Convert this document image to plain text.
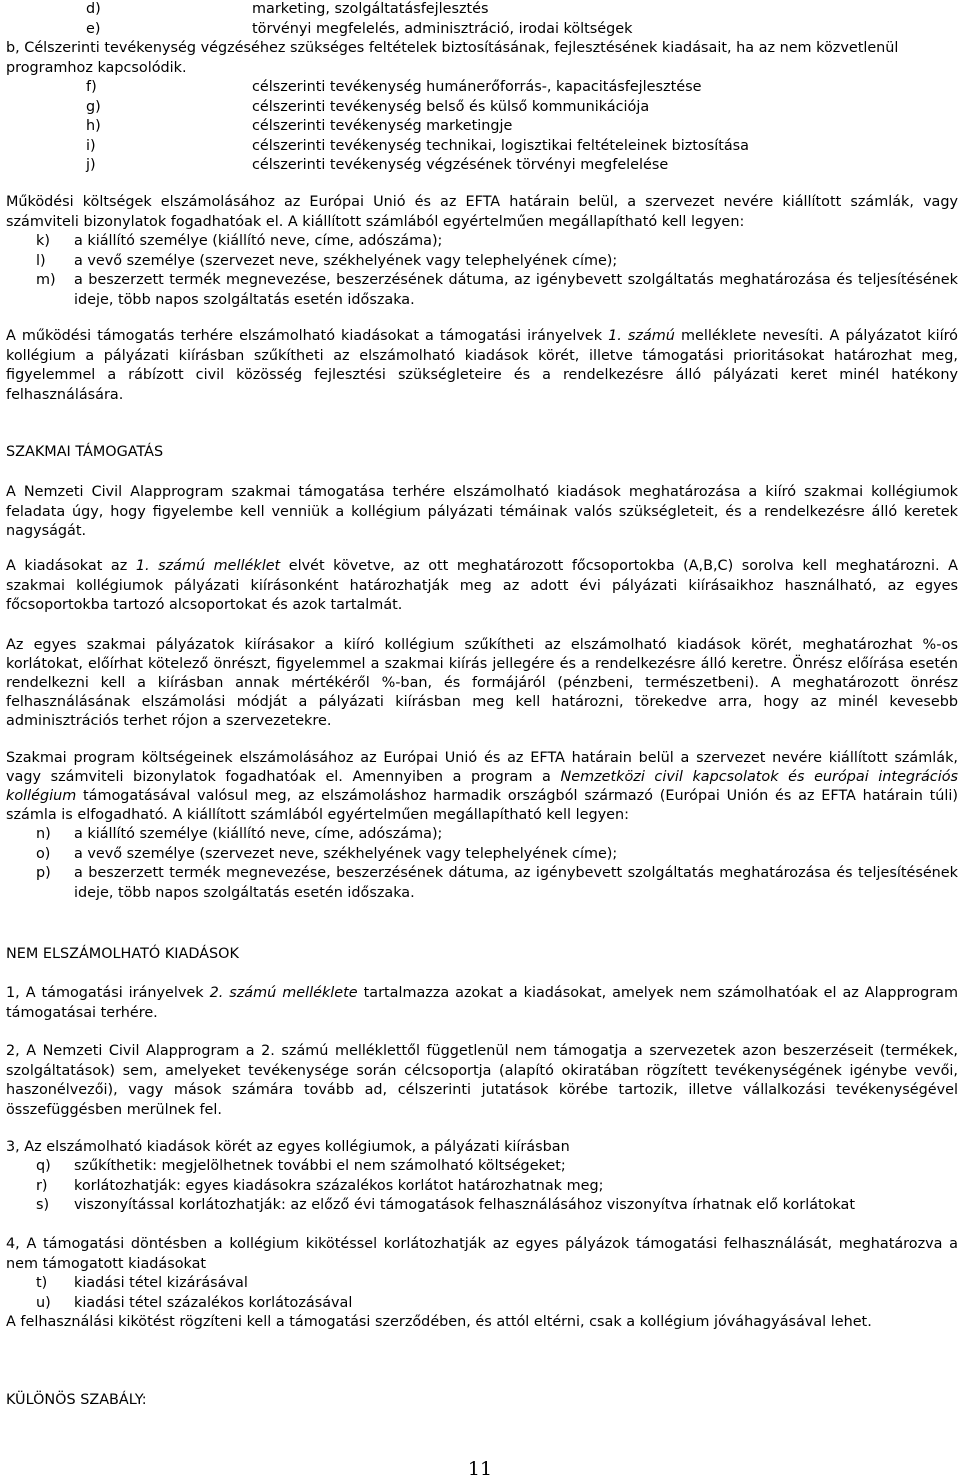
d)	marketing, szolgáltatásfejlesztés
e)	törvényi megfelelés, adminisztráció, irodai költségek

b, Célszerinti tevékenység végzéséhez szükséges feltételek biztosításának, fejlesztésének kiadásait, ha az nem közvetlenül programhoz kapcsolódik.

f)	célszerinti tevékenység humánerőforrás-, kapacitásfejlesztése
g)	célszerinti tevékenység belső és külső kommunikációja
h)	célszerinti tevékenység marketingje
i)	célszerinti tevékenység technikai, logisztikai feltételeinek biztosítása
j)	célszerinti tevékenység végzésének törvényi megfelelése

Működési költségek elszámolásához az Európai Unió és az EFTA határain belül, a szervezet nevére kiállított számlák, vagy számviteli bizonylatok fogadhatóak el. A kiállított számlából egyértelműen megállapítható kell legyen:

k) a kiállító személye (kiállító neve, címe, adószáma);
l) a vevő személye (szervezet neve, székhelyének vagy telephelyének címe);
m) a beszerzett termék megnevezése, beszerzésének dátuma, az igénybevett szolgáltatás meghatározása és teljesítésének ideje, több napos szolgáltatás esetén időszaka.

A működési támogatás terhére elszámolható kiadásokat a támogatási irányelvek 1. számú melléklete nevesíti. A pályázatot kiíró kollégium a pályázati kiírásban szűkítheti az elszámolható kiadások körét, illetve támogatási prioritásokat határozhat meg, figyelemmel a rábízott civil közösség fejlesztési szükségleteire és a rendelkezésre álló pályázati keret minél hatékony felhasználására.

SZAKMAI TÁMOGATÁS

A Nemzeti Civil Alapprogram szakmai támogatása terhére elszámolható kiadások meghatározása a kiíró szakmai kollégiumok feladata úgy, hogy figyelembe kell venniük a kollégium pályázati témáinak valós szükségleteit, és a rendelkezésre álló keretek nagyságát.

A kiadásokat az 1. számú melléklet elvét követve, az ott meghatározott főcsoportokba (A,B,C) sorolva kell meghatározni. A szakmai kollégiumok pályázati kiírásonként határozhatják meg az adott évi pályázati kiírásaikhoz használható, az egyes főcsoportokba tartozó alcsoportokat és azok tartalmát.

Az egyes szakmai pályázatok kiírásakor a kiíró kollégium szűkítheti az elszámolható kiadások körét, meghatározhat %-os korlátokat, előírhat kötelező önrészt, figyelemmel a szakmai kiírás jellegére és a rendelkezésre álló keretre. Önrész előírása esetén rendelkezni kell a kiírásban annak mértékéről %-ban, és formájáról (pénzbeni, természetbeni). A meghatározott önrész felhasználásának elszámolási módját a pályázati kiírásban meg kell határozni, törekedve arra, hogy az minél kevesebb adminisztrációs terhet rójon a szervezetekre.

Szakmai program költségeinek elszámolásához az Európai Unió és az EFTA határain belül a szervezet nevére kiállított számlák, vagy számviteli bizonylatok fogadhatóak el. Amennyiben a program a Nemzetközi civil kapcsolatok és európai integrációs kollégium támogatásával valósul meg, az elszámoláshoz harmadik országból származó (Európai Unión és az EFTA határain túli) számla is elfogadható. A kiállított számlából egyértelműen megállapítható kell legyen:

n) a kiállító személye (kiállító neve, címe, adószáma);
o) a vevő személye (szervezet neve, székhelyének vagy telephelyének címe);
p) a beszerzett termék megnevezése, beszerzésének dátuma, az igénybevett szolgáltatás meghatározása és teljesítésének ideje, több napos szolgáltatás esetén időszaka.
NEM ELSZÁMOLHATÓ KIADÁSOK

1, A támogatási irányelvek 2. számú melléklete tartalmazza azokat a kiadásokat, amelyek nem számolhatóak el az Alapprogram támogatásai terhére.

2, A Nemzeti Civil Alapprogram a 2. számú melléklettől függetlenül nem támogatja a szervezetek azon beszerzéseit (termékek, szolgáltatások) sem, amelyeket tevékenysége során célcsoportja (alapító okiratában rögzített tevékenységének igénybe vevői, haszonélvezői), vagy mások számára tovább ad, célszerinti jutatások körébe tartozik, illetve vállalkozási tevékenységével összefüggésben merülnek fel.

3, Az elszámolható kiadások körét az egyes kollégiumok, a pályázati kiírásban

q) szűkíthetik: megjelölhetnek további el nem számolható költségeket;
r) korlátozhatják: egyes kiadásokra százalékos korlátot határozhatnak meg;
s) viszonyítással korlátozhatják: az előző évi támogatások felhasználásához viszonyítva írhatnak elő korlátokat

4, A támogatási döntésben a kollégium kikötéssel korlátozhatják az egyes pályázok támogatási felhasználását, meghatározva a nem támogatott kiadásokat

t) kiadási tétel kizárásával
u) kiadási tétel százalékos korlátozásával

A felhasználási kikötést rögzíteni kell a támogatási szerződében, és attól eltérni, csak a kollégium jóváhagyásával lehet.

KÜLÖNÖS SZABÁLY:
11
